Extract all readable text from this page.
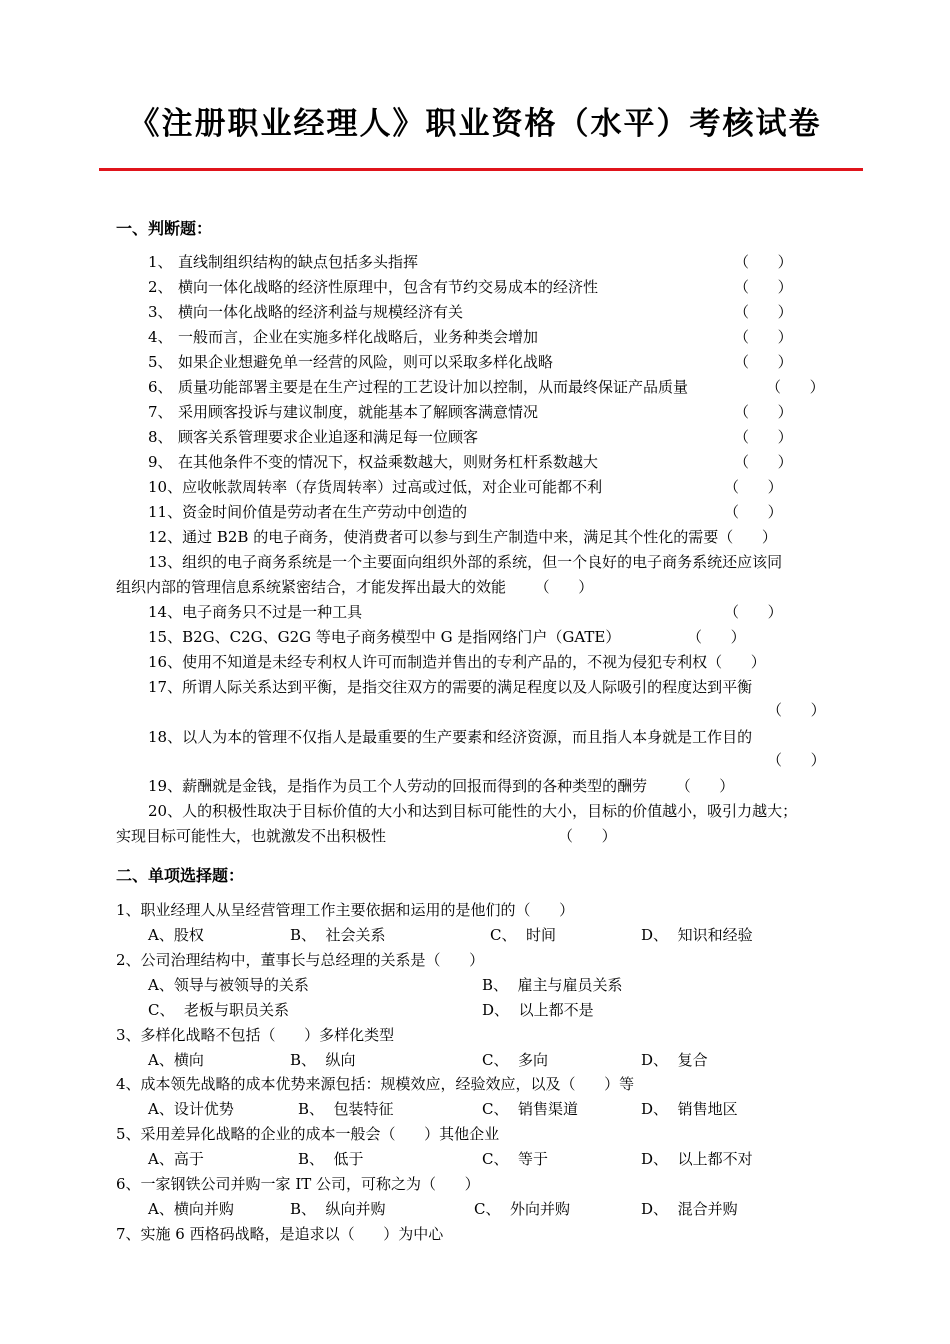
《注册职业经理人》职业资格（水平）考核试卷
一、判断题：
1、 直线制组织结构的缺点包括多头指挥	（      ）
2、 横向一体化战略的经济性原理中，包含有节约交易成本的经济性	（      ）
3、 横向一体化战略的经济利益与规模经济有关	（      ）
4、 一般而言，企业在实施多样化战略后，业务种类会增加	（      ）
5、 如果企业想避免单一经营的风险，则可以采取多样化战略	（      ）
6、 质量功能部署主要是在生产过程的工艺设计加以控制，从而最终保证产品质量	（      ）
7、 采用顾客投诉与建议制度，就能基本了解顾客满意情况	（      ）
8、 顾客关系管理要求企业追逐和满足每一位顾客	（      ）
9、 在其他条件不变的情况下，权益乘数越大，则财务杠杆系数越大	（      ）
10、应收帐款周转率（存货周转率）过高或过低，对企业可能都不利	（      ）
11、资金时间价值是劳动者在生产劳动中创造的	（      ）
12、通过 B2B 的电子商务，使消费者可以参与到生产制造中来，满足其个性化的需要（      ）
13、组织的电子商务系统是一个主要面向组织外部的系统，但一个良好的电子商务系统还应该同
组织内部的管理信息系统紧密结合，才能发挥出最大的效能      （      ）
14、电子商务只不过是一种工具	（      ）
15、B2G、C2G、G2G 等电子商务模型中 G 是指网络门户（GATE）	（      ）
16、使用不知道是未经专利权人许可而制造并售出的专利产品的，不视为侵犯专利权（      ）
17、所谓人际关系达到平衡，是指交往双方的需要的满足程度以及人际吸引的程度达到平衡
（      ）
18、以人为本的管理不仅指人是最重要的生产要素和经济资源，而且指人本身就是工作目的
（      ）
19、薪酬就是金钱，是指作为员工个人劳动的回报而得到的各种类型的酬劳      （      ）
20、人的积极性取决于目标价值的大小和达到目标可能性的大小，目标的价值越小，吸引力越大；
实现目标可能性大，也就激发不出积极性	（      ）
二、单项选择题：
1、职业经理人从呈经营管理工作主要依据和运用的是他们的（      ）
A、股权	B、  社会关系	C、  时间	D、  知识和经验
2、公司治理结构中，董事长与总经理的关系是（      ）
A、领导与被领导的关系	B、  雇主与雇员关系
C、  老板与职员关系	D、  以上都不是
3、多样化战略不包括（      ）多样化类型
A、横向	B、  纵向	C、  多向	D、  复合
4、成本领先战略的成本优势来源包括：规模效应，经验效应，以及（      ）等
A、设计优势	B、  包装特征	C、  销售渠道	D、  销售地区
5、采用差异化战略的企业的成本一般会（      ）其他企业
A、高于	B、  低于	C、  等于	D、  以上都不对
6、一家钢铁公司并购一家 IT 公司，可称之为（      ）
A、横向并购	B、  纵向并购	C、  外向并购	D、  混合并购
7、实施 6 西格码战略，是追求以（      ）为中心
